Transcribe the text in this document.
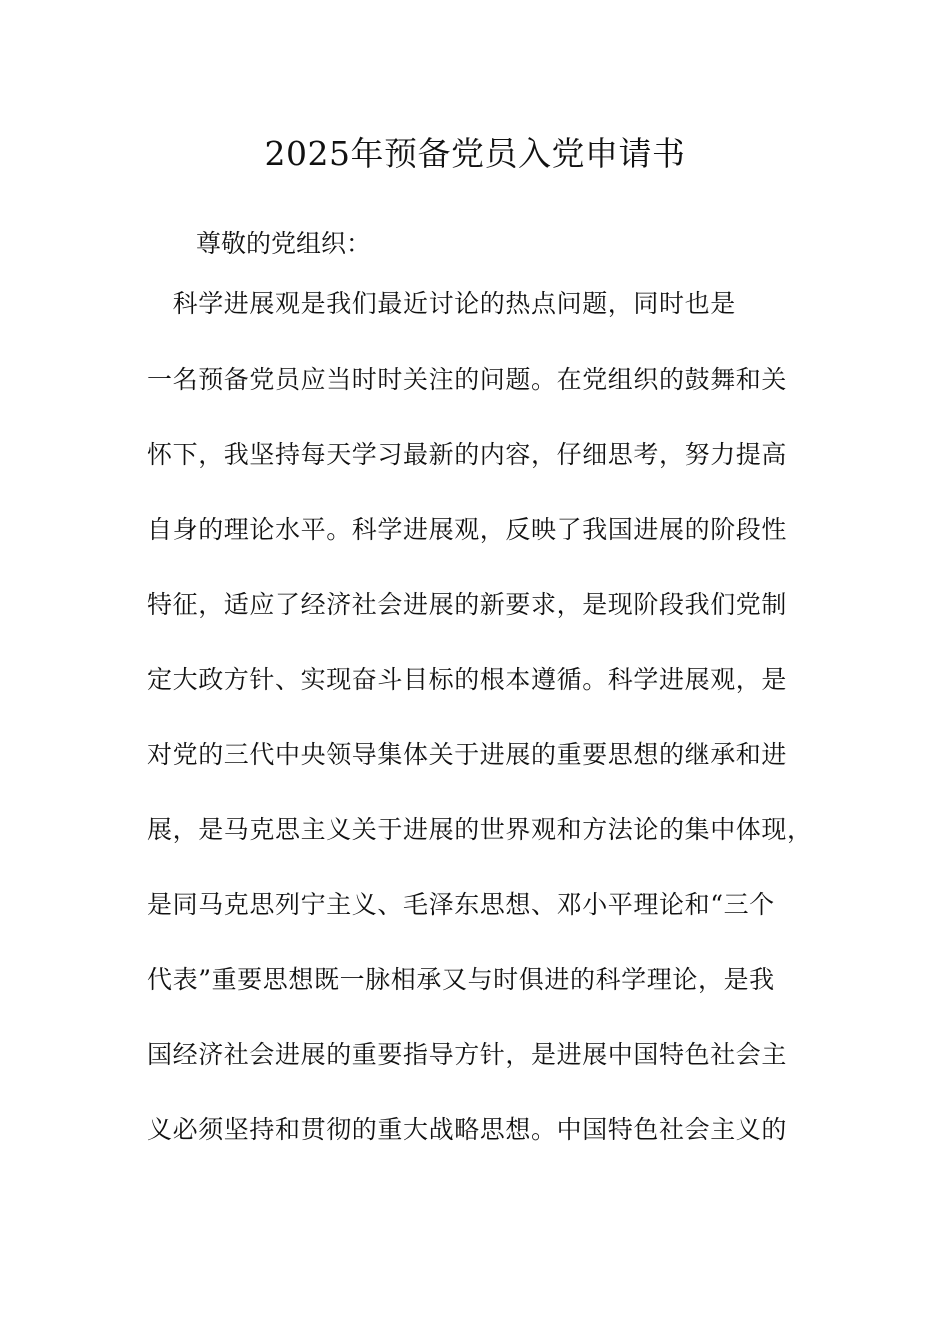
2025年预备党员入党申请书
尊敬的党组织：
　科学进展观是我们最近讨论的热点问题，同时也是
一名预备党员应当时时关注的问题。在党组织的鼓舞和关
怀下，我坚持每天学习最新的内容，仔细思考，努力提高
自身的理论水平。科学进展观，反映了我国进展的阶段性
特征，适应了经济社会进展的新要求，是现阶段我们党制
定大政方针、实现奋斗目标的根本遵循。科学进展观，是
对党的三代中央领导集体关于进展的重要思想的继承和进
展，是马克思主义关于进展的世界观和方法论的集中体现，
是同马克思列宁主义、毛泽东思想、邓小平理论和“三个
代表”重要思想既一脉相承又与时俱进的科学理论，是我
国经济社会进展的重要指导方针，是进展中国特色社会主
义必须坚持和贯彻的重大战略思想。中国特色社会主义的
